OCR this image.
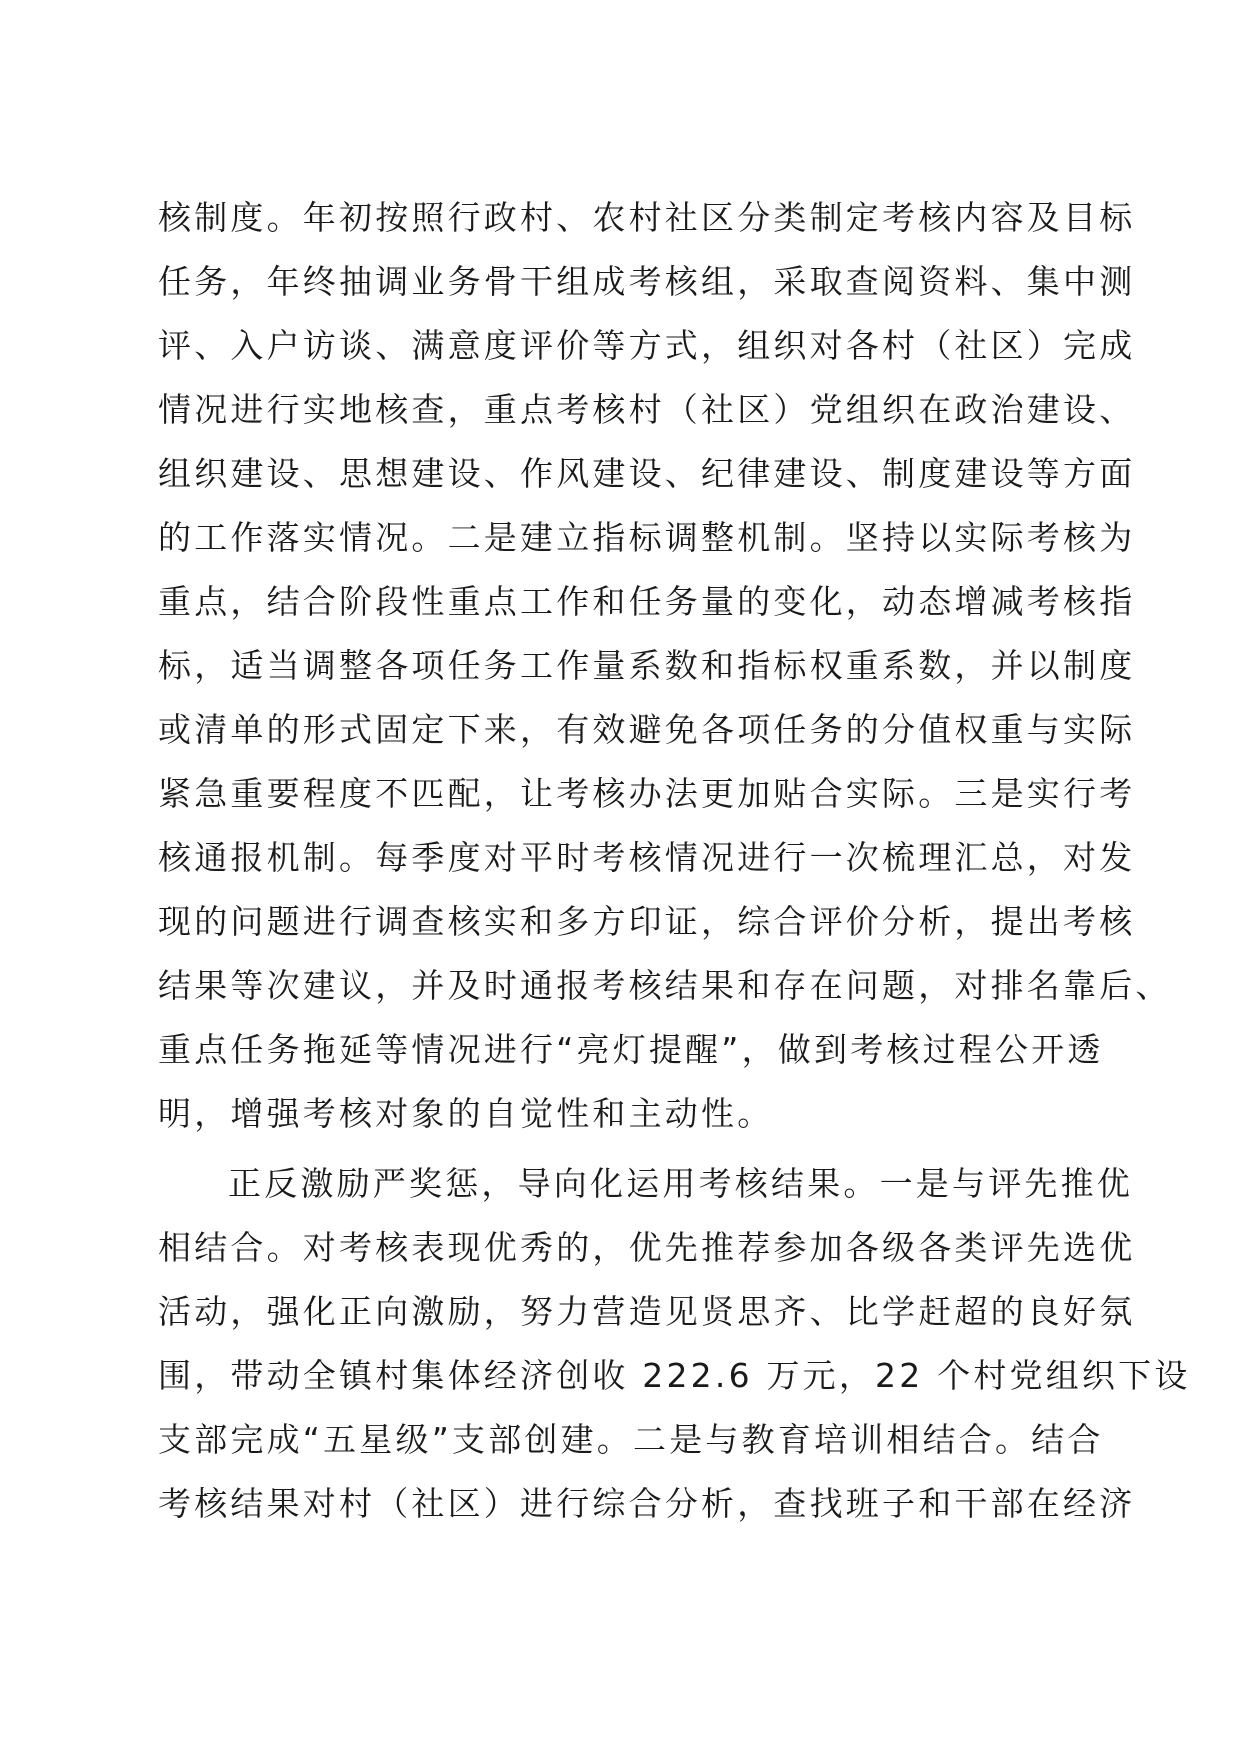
核制度。年初按照行政村、农村社区分类制定考核内容及目标
任务，年终抽调业务骨干组成考核组，采取查阅资料、集中测
评、入户访谈、满意度评价等方式，组织对各村（社区）完成
情况进行实地核查，重点考核村（社区）党组织在政治建设、
组织建设、思想建设、作风建设、纪律建设、制度建设等方面
的工作落实情况。二是建立指标调整机制。坚持以实际考核为
重点，结合阶段性重点工作和任务量的变化，动态增减考核指
标，适当调整各项任务工作量系数和指标权重系数，并以制度
或清单的形式固定下来，有效避免各项任务的分值权重与实际
紧急重要程度不匹配，让考核办法更加贴合实际。三是实行考
核通报机制。每季度对平时考核情况进行一次梳理汇总，对发
现的问题进行调查核实和多方印证，综合评价分析，提出考核
结果等次建议，并及时通报考核结果和存在问题，对排名靠后、
重点任务拖延等情况进行“亮灯提醒”，做到考核过程公开透
明，增强考核对象的自觉性和主动性。
正反激励严奖惩，导向化运用考核结果。一是与评先推优
相结合。对考核表现优秀的，优先推荐参加各级各类评先选优
活动，强化正向激励，努力营造见贤思齐、比学赶超的良好氛
围，带动全镇村集体经济创收 222.6 万元，22 个村党组织下设
支部完成“五星级”支部创建。二是与教育培训相结合。结合
考核结果对村（社区）进行综合分析，查找班子和干部在经济
